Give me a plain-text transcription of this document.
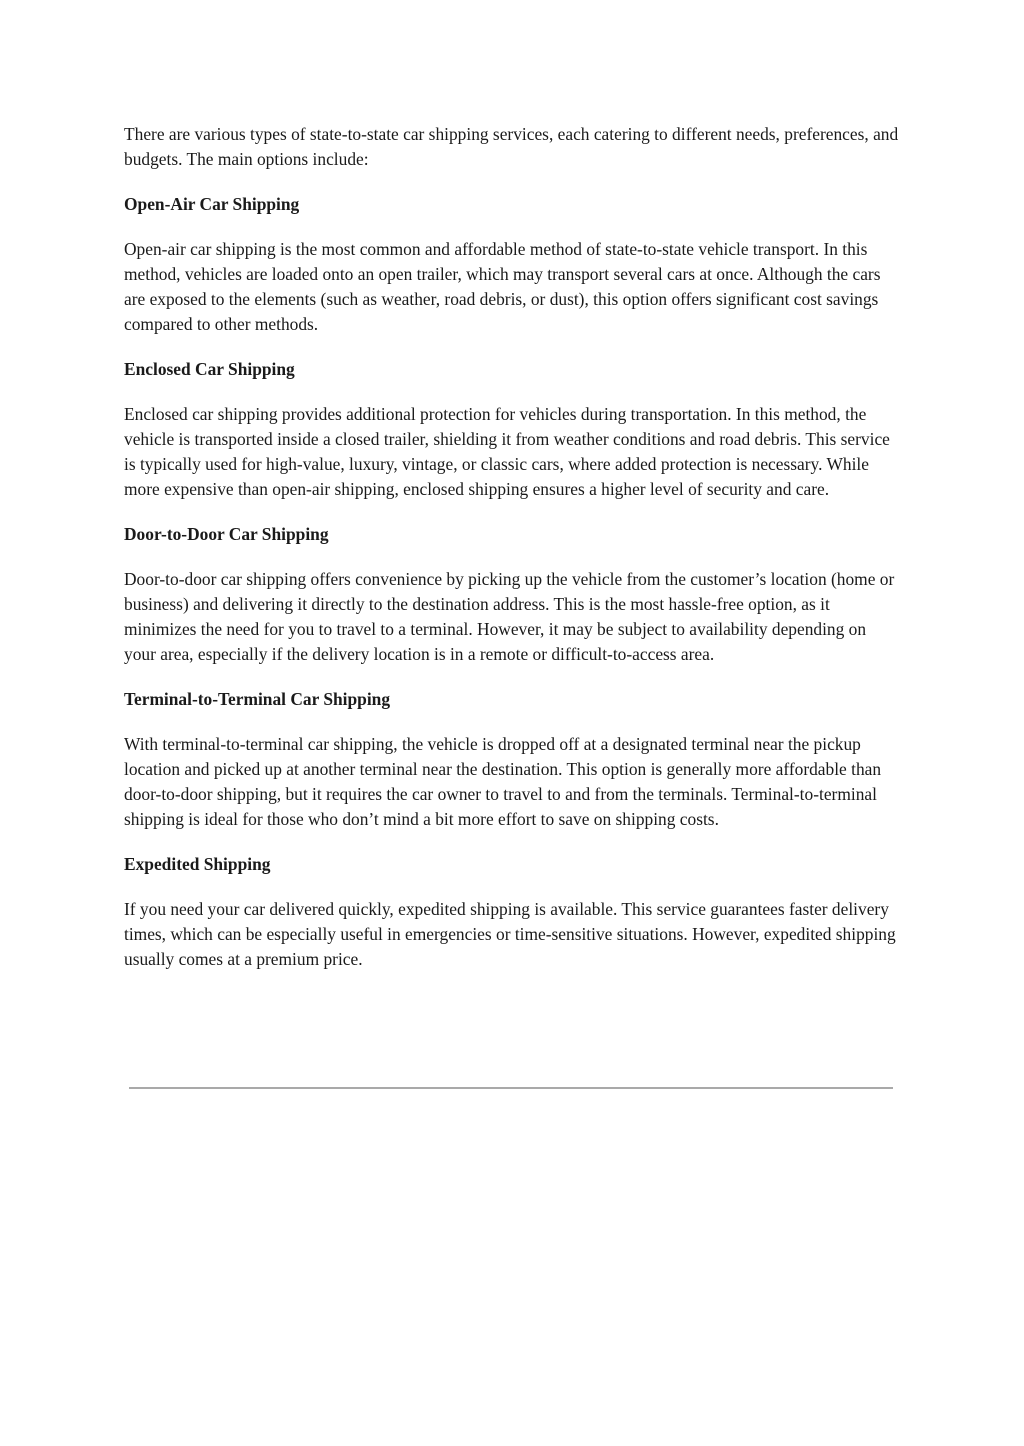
There are various types of state-to-state car shipping services, each catering to different needs, preferences, and budgets. The main options include:

Open-Air Car Shipping

Open-air car shipping is the most common and affordable method of state-to-state vehicle transport. In this method, vehicles are loaded onto an open trailer, which may transport several cars at once. Although the cars are exposed to the elements (such as weather, road debris, or dust), this option offers significant cost savings compared to other methods.

Enclosed Car Shipping

Enclosed car shipping provides additional protection for vehicles during transportation. In this method, the vehicle is transported inside a closed trailer, shielding it from weather conditions and road debris. This service is typically used for high-value, luxury, vintage, or classic cars, where added protection is necessary. While more expensive than open-air shipping, enclosed shipping ensures a higher level of security and care.

Door-to-Door Car Shipping

Door-to-door car shipping offers convenience by picking up the vehicle from the customer’s location (home or business) and delivering it directly to the destination address. This is the most hassle-free option, as it minimizes the need for you to travel to a terminal. However, it may be subject to availability depending on your area, especially if the delivery location is in a remote or difficult-to-access area.

Terminal-to-Terminal Car Shipping

With terminal-to-terminal car shipping, the vehicle is dropped off at a designated terminal near the pickup location and picked up at another terminal near the destination. This option is generally more affordable than door-to-door shipping, but it requires the car owner to travel to and from the terminals. Terminal-to-terminal shipping is ideal for those who don’t mind a bit more effort to save on shipping costs.

Expedited Shipping

If you need your car delivered quickly, expedited shipping is available. This service guarantees faster delivery times, which can be especially useful in emergencies or time-sensitive situations. However, expedited shipping usually comes at a premium price.
